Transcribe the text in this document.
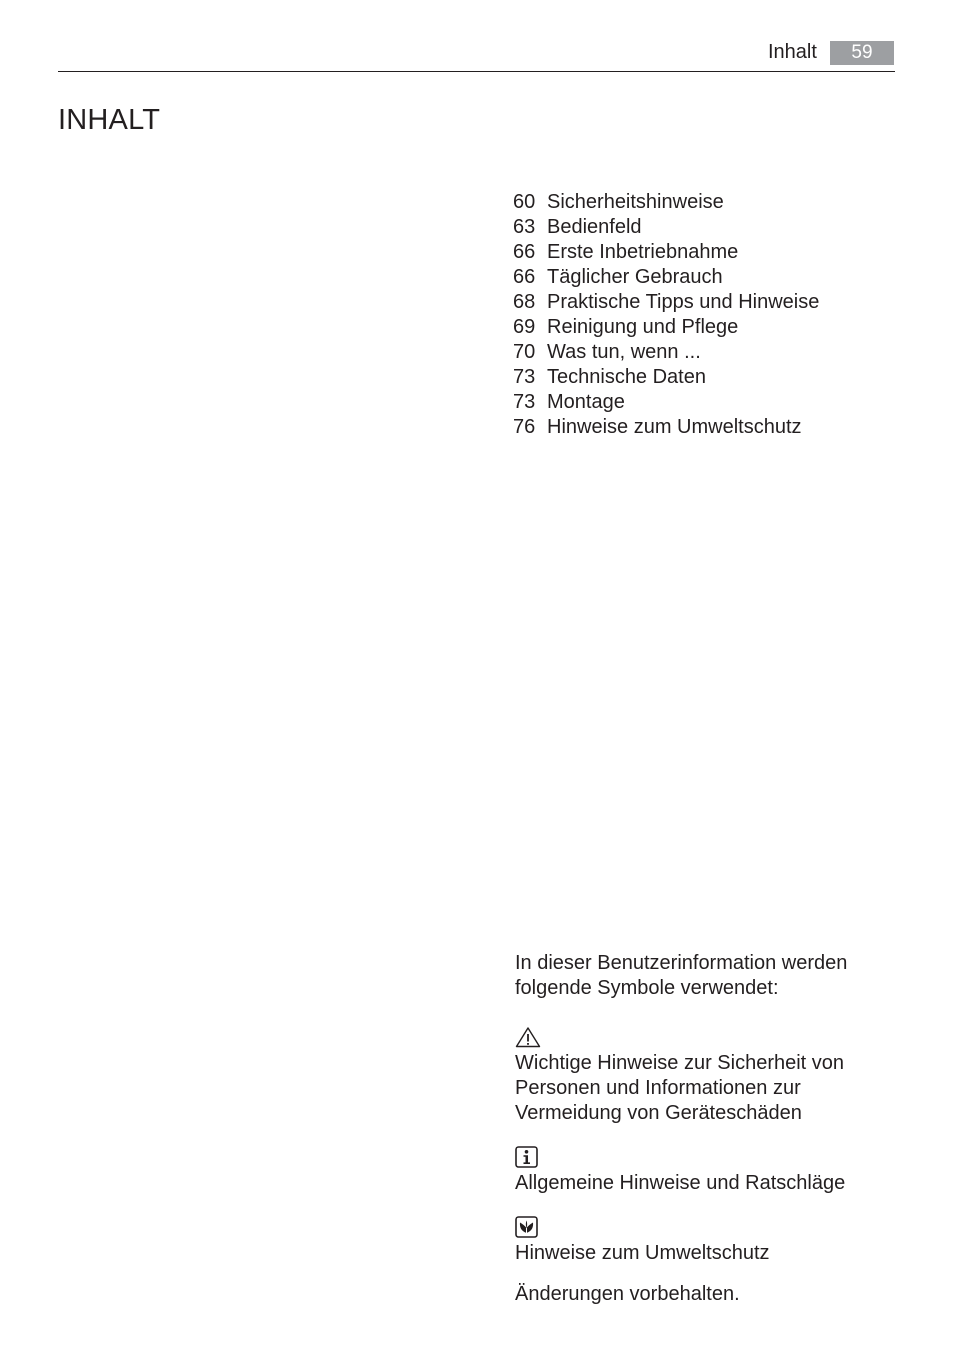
Inhalt	59
INHALT
60 Sicherheitshinweise
63 Bedienfeld
66 Erste Inbetriebnahme
66 Täglicher Gebrauch
68 Praktische Tipps und Hinweise
69 Reinigung und Pflege
70 Was tun, wenn ...
73 Technische Daten
73 Montage
76 Hinweise zum Umweltschutz

In dieser Benutzerinformation werden folgende Symbole verwendet:

Wichtige Hinweise zur Sicherheit von Personen und Informationen zur Vermeidung von Geräteschäden

Allgemeine Hinweise und Ratschläge

Hinweise zum Umweltschutz

Änderungen vorbehalten.
